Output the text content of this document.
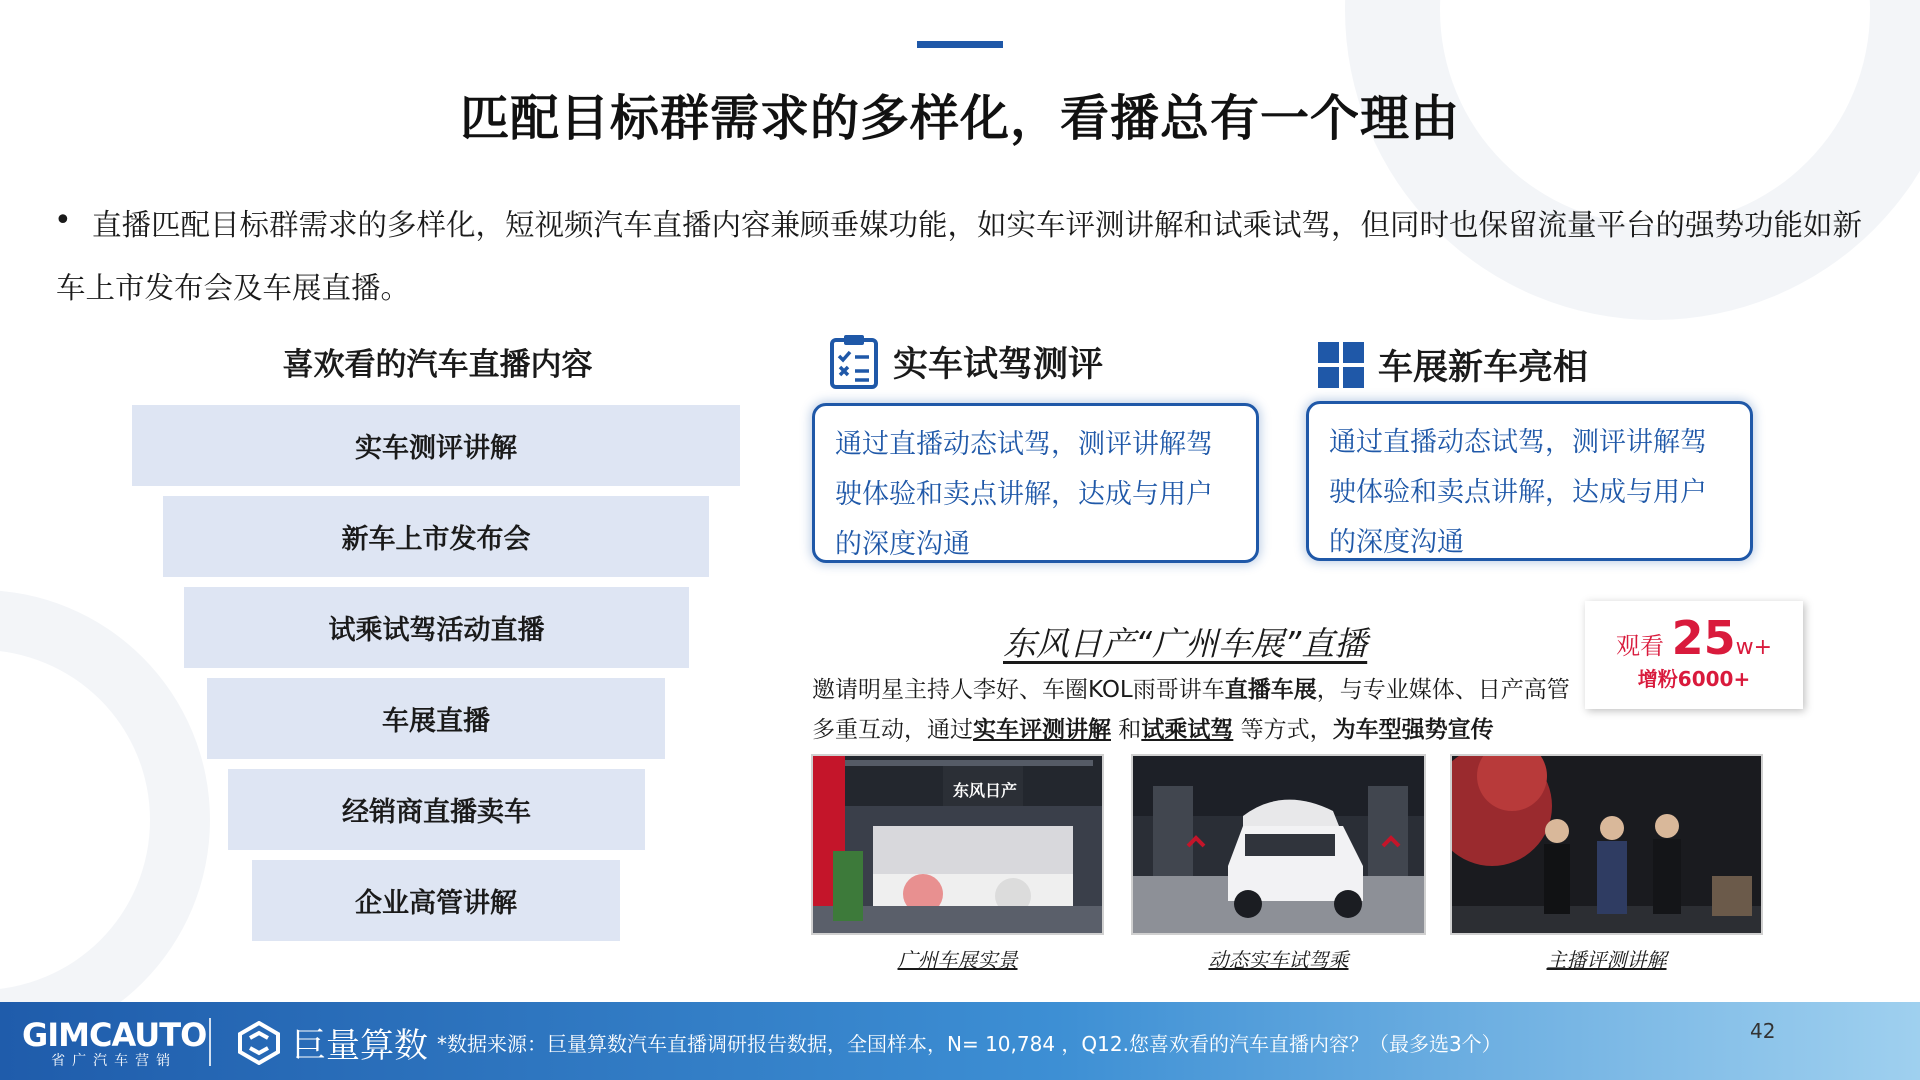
匹配目标群需求的多样化，看播总有一个理由
• 直播匹配目标群需求的多样化，短视频汽车直播内容兼顾垂媒功能，如实车评测讲解和试乘试驾，但同时也保留流量平台的强势功能如新车上市发布会及车展直播。
喜欢看的汽车直播内容
实车测评讲解
新车上市发布会
试乘试驾活动直播
车展直播
经销商直播卖车
企业高管讲解
实车试驾测评
通过直播动态试驾，测评讲解驾驶体验和卖点讲解，达成与用户的深度沟通
车展新车亮相
通过直播动态试驾，测评讲解驾驶体验和卖点讲解，达成与用户的深度沟通
东风日产“广州车展”直播	观看 25w+
增粉6000+
邀请明星主持人李好、车圈KOL雨哥讲车直播车展，与专业媒体、日产高管多重互动，通过实车评测讲解 和试乘试驾 等方式，为车型强势宣传
东风日产
广州车展实景	动态实车试驾乘	主播评测讲解
GIMCAUTO
省广汽车营销	巨量算数 *数据来源：巨量算数汽车直播调研报告数据，全国样本，N= 10,784 ，Q12.您喜欢看的汽车直播内容？（最多选3个）
42
